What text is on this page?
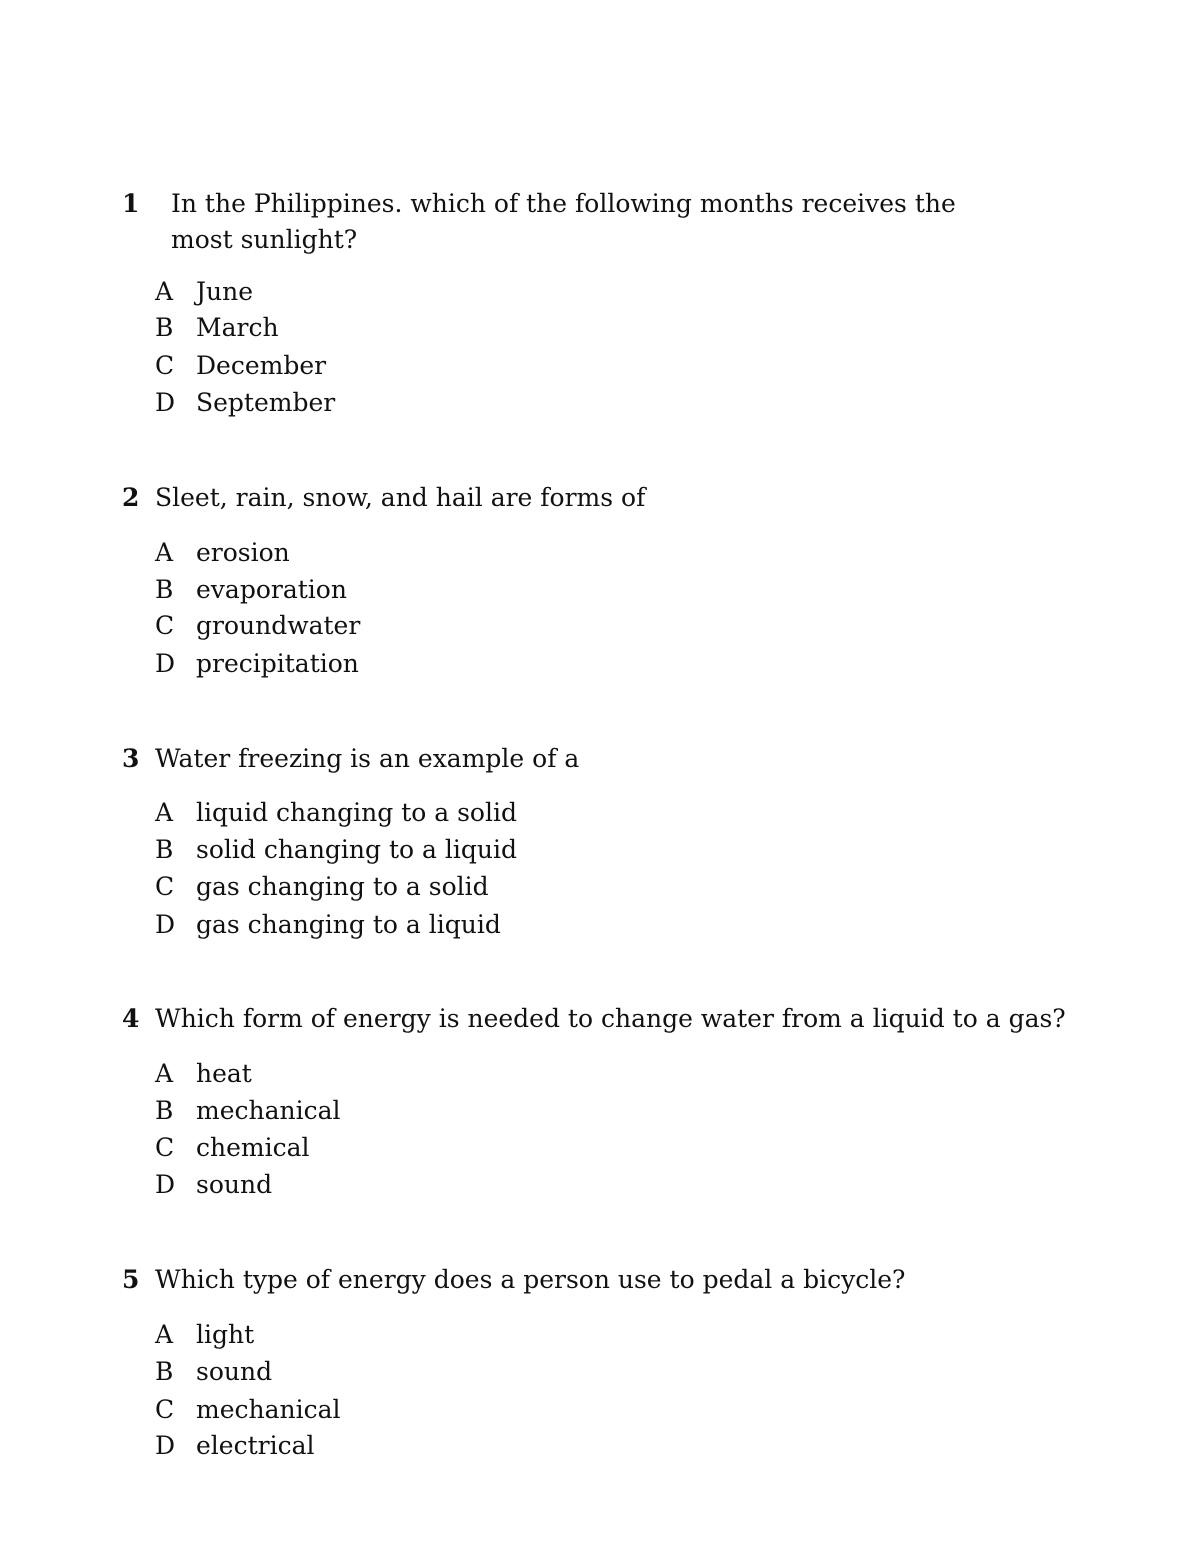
1 In the Philippines. which of the following months receives the
most sunlight?
A June
B March
C December
D September
2 Sleet, rain, snow, and hail are forms of
A erosion
B evaporation
C groundwater
D precipitation
3 Water freezing is an example of a
A liquid changing to a solid
B solid changing to a liquid
C gas changing to a solid
D gas changing to a liquid
4 Which form of energy is needed to change water from a liquid to a gas?
A heat
B mechanical
C chemical
D sound
5 Which type of energy does a person use to pedal a bicycle?
A light
B sound
C mechanical
D electrical
